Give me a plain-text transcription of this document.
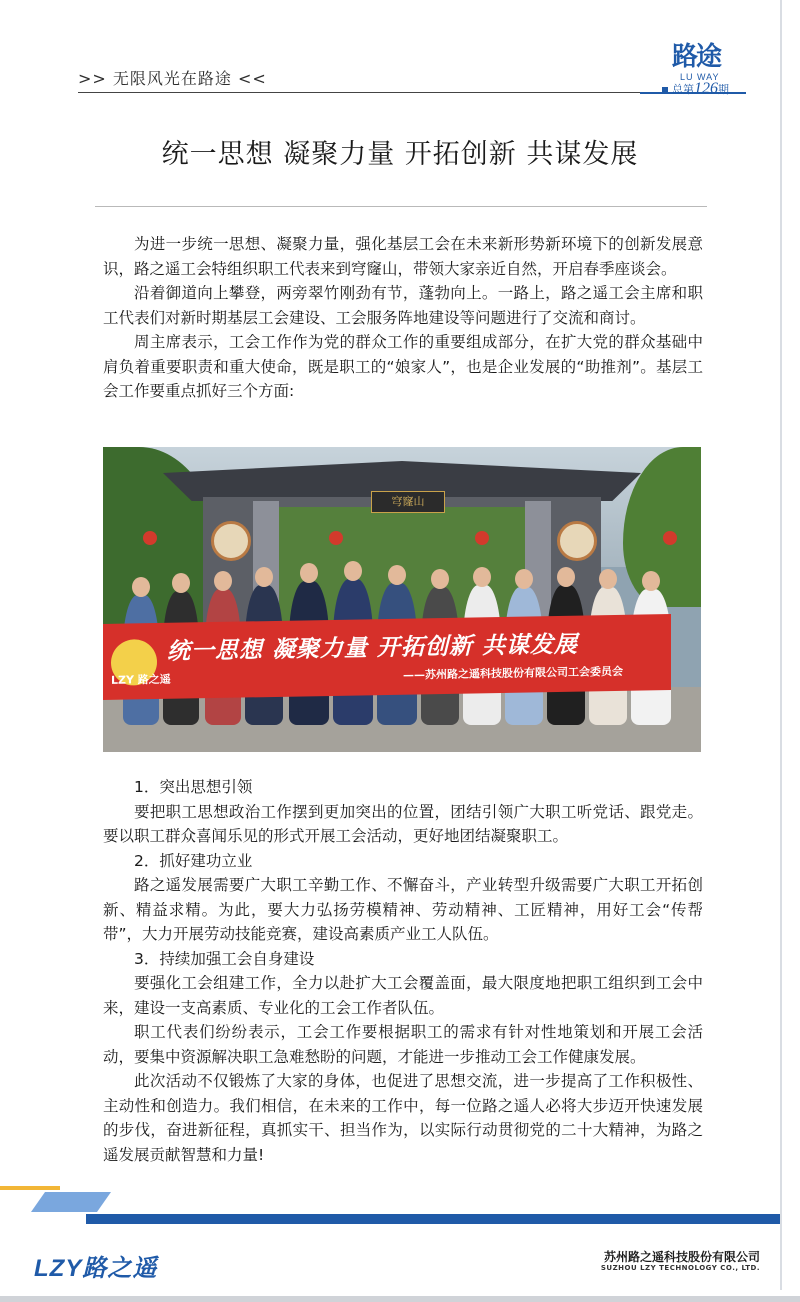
>> 无限风光在路途 <<
路途
LU WAY
总第126期
统一思想 凝聚力量 开拓创新 共谋发展

为进一步统一思想、凝聚力量，强化基层工会在未来新形势新环境下的创新发展意识，路之遥工会特组织职工代表来到穹窿山，带领大家亲近自然，开启春季座谈会。

沿着御道向上攀登，两旁翠竹刚劲有节，蓬勃向上。一路上，路之遥工会主席和职工代表们对新时期基层工会建设、工会服务阵地建设等问题进行了交流和商讨。

周主席表示，工会工作作为党的群众工作的重要组成部分，在扩大党的群众基础中肩负着重要职责和重大使命，既是职工的“娘家人”，也是企业发展的“助推剂”。基层工会工作要重点抓好三个方面:

穹窿山
LZY 路之遥
统一思想 凝聚力量 开拓创新 共谋发展
——苏州路之遥科技股份有限公司工会委员会
1．突出思想引领

要把职工思想政治工作摆到更加突出的位置，团结引领广大职工听党话、跟党走。要以职工群众喜闻乐见的形式开展工会活动，更好地团结凝聚职工。

2．抓好建功立业

路之遥发展需要广大职工辛勤工作、不懈奋斗，产业转型升级需要广大职工开拓创新、精益求精。为此，要大力弘扬劳模精神、劳动精神、工匠精神，用好工会“传帮带”，大力开展劳动技能竞赛，建设高素质产业工人队伍。

3．持续加强工会自身建设

要强化工会组建工作，全力以赴扩大工会覆盖面，最大限度地把职工组织到工会中来，建设一支高素质、专业化的工会工作者队伍。

职工代表们纷纷表示，工会工作要根据职工的需求有针对性地策划和开展工会活动，要集中资源解决职工急难愁盼的问题，才能进一步推动工会工作健康发展。

此次活动不仅锻炼了大家的身体，也促进了思想交流，进一步提高了工作积极性、主动性和创造力。我们相信，在未来的工作中，每一位路之遥人必将大步迈开快速发展的步伐，奋进新征程，真抓实干、担当作为，以实际行动贯彻党的二十大精神，为路之遥发展贡献智慧和力量!

LZY路之遥	苏州路之遥科技股份有限公司
SUZHOU LZY TECHNOLOGY CO., LTD.
